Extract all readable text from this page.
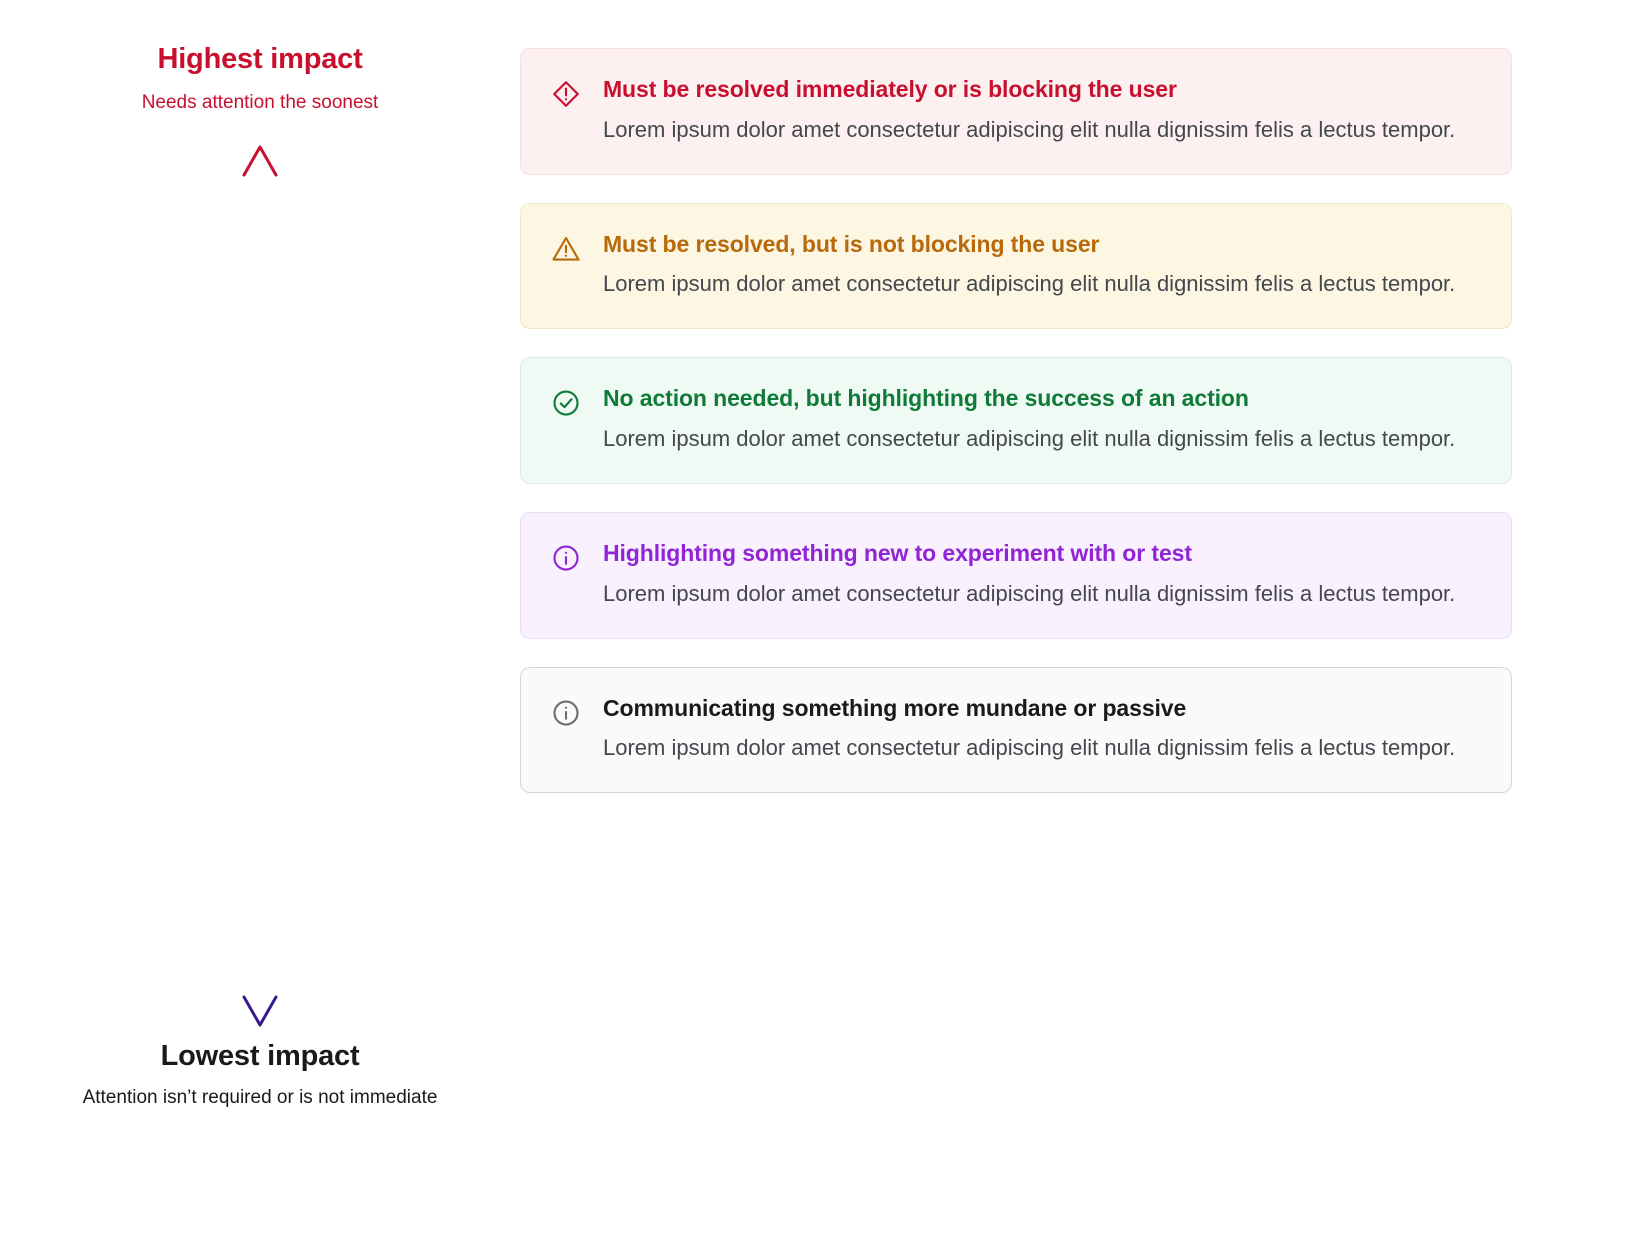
Highest impact

Needs attention the soonest

Lowest impact

Attention isn’t required or is not immediate

Must be resolved immediately or is blocking the user

Lorem ipsum dolor amet consectetur adipiscing elit nulla dignissim felis a lectus tempor.

Must be resolved, but is not blocking the user

Lorem ipsum dolor amet consectetur adipiscing elit nulla dignissim felis a lectus tempor.

No action needed, but highlighting the success of an action

Lorem ipsum dolor amet consectetur adipiscing elit nulla dignissim felis a lectus tempor.

Highlighting something new to experiment with or test

Lorem ipsum dolor amet consectetur adipiscing elit nulla dignissim felis a lectus tempor.

Communicating something more mundane or passive

Lorem ipsum dolor amet consectetur adipiscing elit nulla dignissim felis a lectus tempor.
